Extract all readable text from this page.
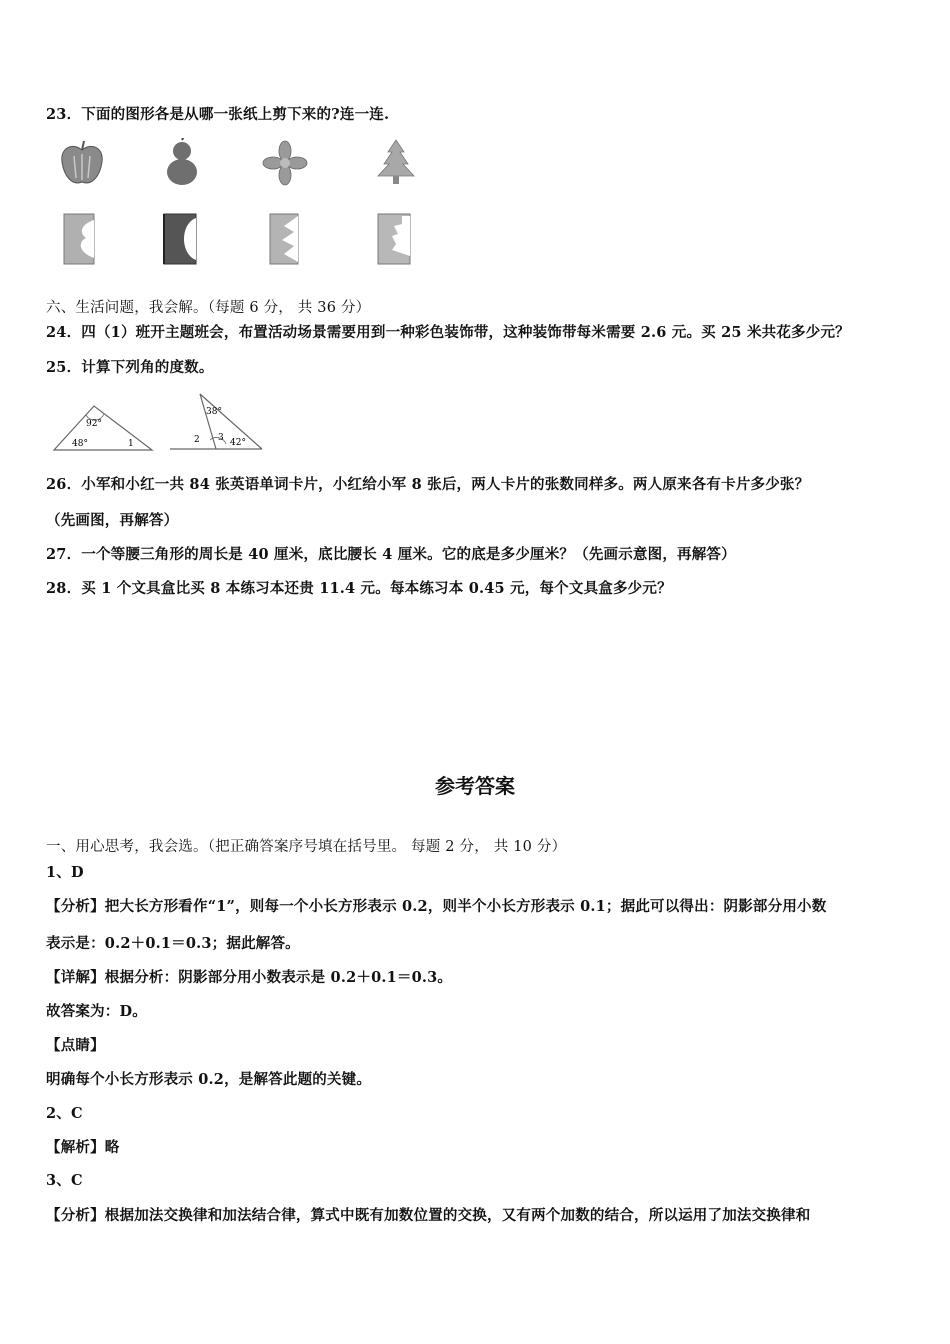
23．下面的图形各是从哪一张纸上剪下来的?连一连.
六、生活问题，我会解。（每题 6 分， 共 36 分）
24．四（1）班开主题班会，布置活动场景需要用到一种彩色装饰带，这种装饰带每米需要 2.6 元。买 25 米共花多少元？
25．计算下列角的度数。
92°
48°	1
38°
2 3 42°
26．小军和小红一共 84 张英语单词卡片，小红给小军 8 张后，两人卡片的张数同样多。两人原来各有卡片多少张？
（先画图，再解答）
27．一个等腰三角形的周长是 40 厘米，底比腰长 4 厘米。它的底是多少厘米？（先画示意图，再解答）
28．买 1 个文具盒比买 8 本练习本还贵 11.4 元。每本练习本 0.45 元，每个文具盒多少元？
参考答案
一、用心思考，我会选。（把正确答案序号填在括号里。 每题 2 分， 共 10 分）
1、D
【分析】把大长方形看作“1”，则每一个小长方形表示 0.2，则半个小长方形表示 0.1；据此可以得出：阴影部分用小数
表示是：0.2＋0.1＝0.3；据此解答。
【详解】根据分析：阴影部分用小数表示是 0.2＋0.1＝0.3。
故答案为：D。
【点睛】
明确每个小长方形表示 0.2，是解答此题的关键。
2、C
【解析】略
3、C
【分析】根据加法交换律和加法结合律，算式中既有加数位置的交换，又有两个加数的结合，所以运用了加法交换律和
